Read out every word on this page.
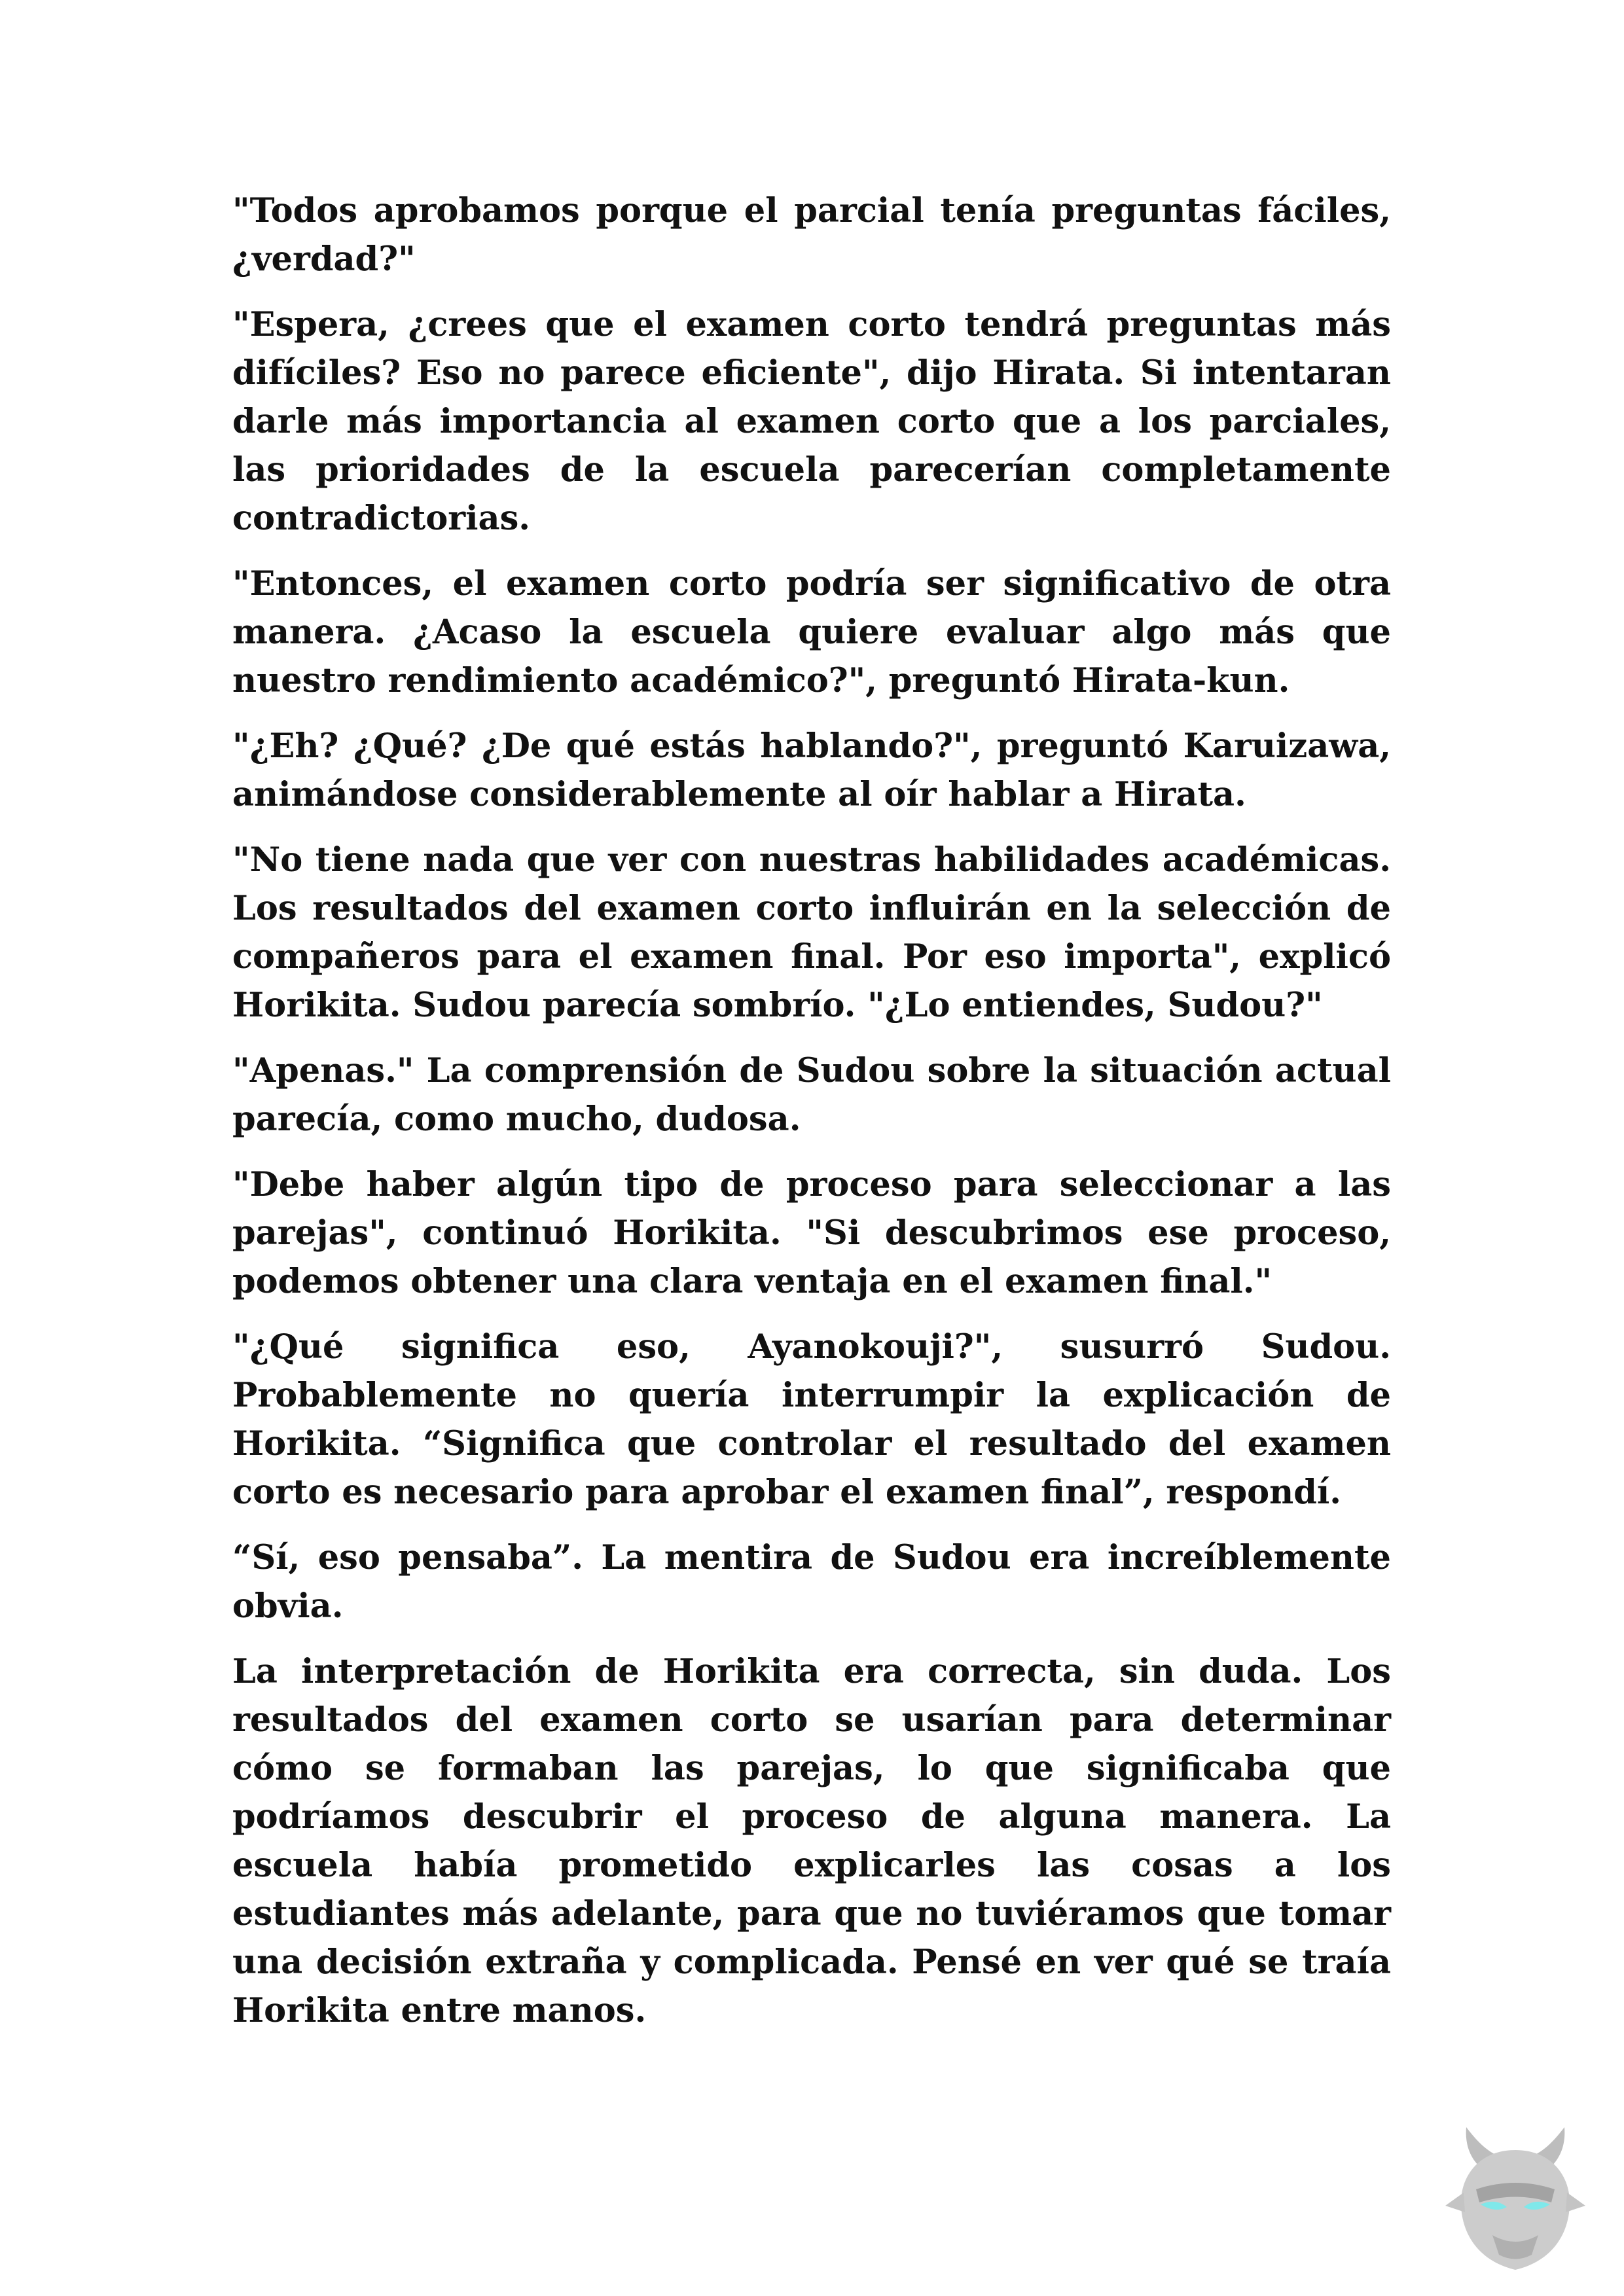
"Todos aprobamos porque el parcial tenía preguntas fáciles, ¿verdad?"

"Espera, ¿crees que el examen corto tendrá preguntas más difíciles? Eso no parece eficiente", dijo Hirata. Si intentaran darle más importancia al examen corto que a los parciales, las prioridades de la escuela parecerían completamente contradictorias.

"Entonces, el examen corto podría ser significativo de otra manera. ¿Acaso la escuela quiere evaluar algo más que nuestro rendimiento académico?", preguntó Hirata-kun.

"¿Eh? ¿Qué? ¿De qué estás hablando?", preguntó Karuizawa, animándose considerablemente al oír hablar a Hirata.

"No tiene nada que ver con nuestras habilidades académicas. Los resultados del examen corto influirán en la selección de compañeros para el examen final. Por eso importa", explicó Horikita. Sudou parecía sombrío. "¿Lo entiendes, Sudou?"

"Apenas." La comprensión de Sudou sobre la situación actual parecía, como mucho, dudosa.

"Debe haber algún tipo de proceso para seleccionar a las parejas", continuó Horikita. "Si descubrimos ese proceso, podemos obtener una clara ventaja en el examen final."

"¿Qué significa eso, Ayanokouji?", susurró Sudou. Probablemente no quería interrumpir la explicación de Horikita. “Significa que controlar el resultado del examen corto es necesario para aprobar el examen final”, respondí.

“Sí, eso pensaba”. La mentira de Sudou era increíblemente obvia.

La interpretación de Horikita era correcta, sin duda. Los resultados del examen corto se usarían para determinar cómo se formaban las parejas, lo que significaba que podríamos descubrir el proceso de alguna manera. La escuela había prometido explicarles las cosas a los estudiantes más adelante, para que no tuviéramos que tomar una decisión extraña y complicada. Pensé en ver qué se traía Horikita entre manos.
